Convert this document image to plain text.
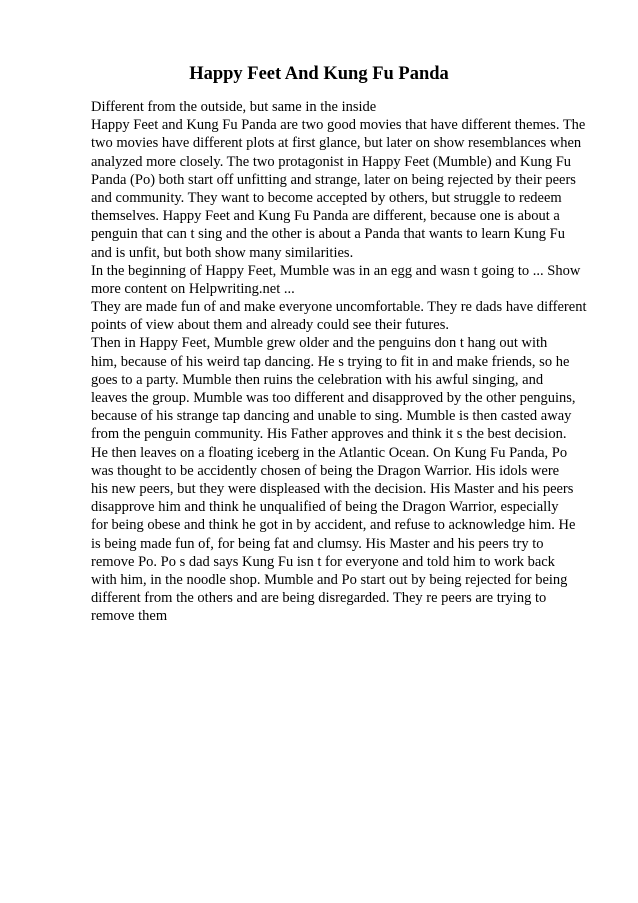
Happy Feet And Kung Fu Panda
Different from the outside, but same in the inside
Happy Feet and Kung Fu Panda are two good movies that have different themes. The
two movies have different plots at first glance, but later on show resemblances when
analyzed more closely. The two protagonist in Happy Feet (Mumble) and Kung Fu
Panda (Po) both start off unfitting and strange, later on being rejected by their peers
and community. They want to become accepted by others, but struggle to redeem
themselves. Happy Feet and Kung Fu Panda are different, because one is about a
penguin that can t sing and the other is about a Panda that wants to learn Kung Fu
and is unfit, but both show many similarities.
In the beginning of Happy Feet, Mumble was in an egg and wasn t going to ... Show
more content on Helpwriting.net ...
They are made fun of and make everyone uncomfortable. They re dads have different
points of view about them and already could see their futures.
Then in Happy Feet, Mumble grew older and the penguins don t hang out with
him, because of his weird tap dancing. He s trying to fit in and make friends, so he
goes to a party. Mumble then ruins the celebration with his awful singing, and
leaves the group. Mumble was too different and disapproved by the other penguins,
because of his strange tap dancing and unable to sing. Mumble is then casted away
from the penguin community. His Father approves and think it s the best decision.
He then leaves on a floating iceberg in the Atlantic Ocean. On Kung Fu Panda, Po
was thought to be accidently chosen of being the Dragon Warrior. His idols were
his new peers, but they were displeased with the decision. His Master and his peers
disapprove him and think he unqualified of being the Dragon Warrior, especially
for being obese and think he got in by accident, and refuse to acknowledge him. He
is being made fun of, for being fat and clumsy. His Master and his peers try to
remove Po. Po s dad says Kung Fu isn t for everyone and told him to work back
with him, in the noodle shop. Mumble and Po start out by being rejected for being
different from the others and are being disregarded. They re peers are trying to
remove them
